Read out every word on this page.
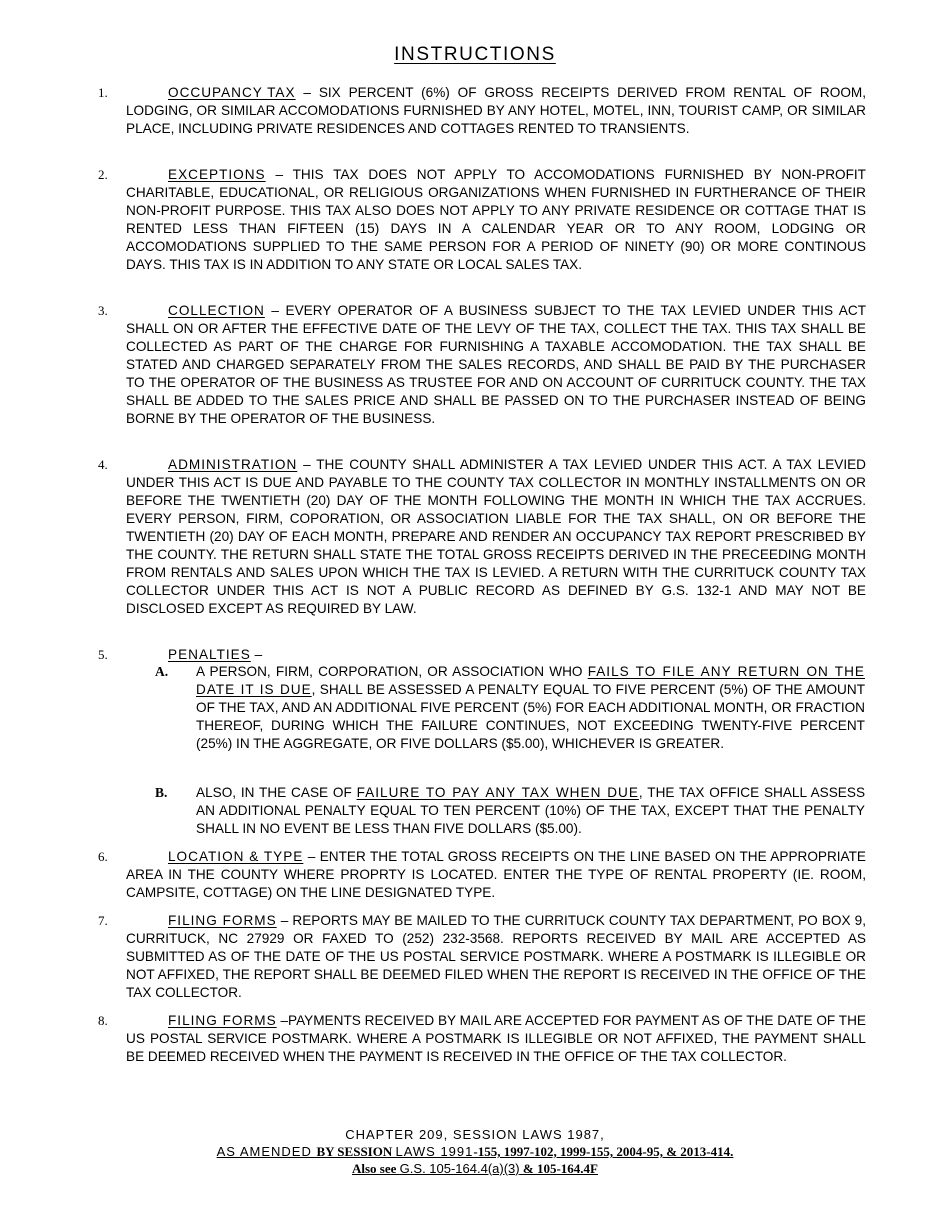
INSTRUCTIONS
1.	OCCUPANCY TAX – SIX PERCENT (6%) OF GROSS RECEIPTS DERIVED FROM RENTAL OF ROOM, LODGING, OR SIMILAR ACCOMODATIONS FURNISHED BY ANY HOTEL, MOTEL, INN, TOURIST CAMP, OR SIMILAR PLACE, INCLUDING PRIVATE RESIDENCES AND COTTAGES RENTED TO TRANSIENTS.
2.	EXCEPTIONS – THIS TAX DOES NOT APPLY TO ACCOMODATIONS FURNISHED BY NON-PROFIT CHARITABLE, EDUCATIONAL, OR RELIGIOUS ORGANIZATIONS WHEN FURNISHED IN FURTHERANCE OF THEIR NON-PROFIT PURPOSE. THIS TAX ALSO DOES NOT APPLY TO ANY PRIVATE RESIDENCE OR COTTAGE THAT IS RENTED LESS THAN FIFTEEN (15) DAYS IN A CALENDAR YEAR OR TO ANY ROOM, LODGING OR ACCOMODATIONS SUPPLIED TO THE SAME PERSON FOR A PERIOD OF NINETY (90) OR MORE CONTINOUS DAYS. THIS TAX IS IN ADDITION TO ANY STATE OR LOCAL SALES TAX.
3.	COLLECTION – EVERY OPERATOR OF A BUSINESS SUBJECT TO THE TAX LEVIED UNDER THIS ACT SHALL ON OR AFTER THE EFFECTIVE DATE OF THE LEVY OF THE TAX, COLLECT THE TAX. THIS TAX SHALL BE COLLECTED AS PART OF THE CHARGE FOR FURNISHING A TAXABLE ACCOMODATION. THE TAX SHALL BE STATED AND CHARGED SEPARATELY FROM THE SALES RECORDS, AND SHALL BE PAID BY THE PURCHASER TO THE OPERATOR OF THE BUSINESS AS TRUSTEE FOR AND ON ACCOUNT OF CURRITUCK COUNTY. THE TAX SHALL BE ADDED TO THE SALES PRICE AND SHALL BE PASSED ON TO THE PURCHASER INSTEAD OF BEING BORNE BY THE OPERATOR OF THE BUSINESS.
4.	ADMINISTRATION – THE COUNTY SHALL ADMINISTER A TAX LEVIED UNDER THIS ACT. A TAX LEVIED UNDER THIS ACT IS DUE AND PAYABLE TO THE COUNTY TAX COLLECTOR IN MONTHLY INSTALLMENTS ON OR BEFORE THE TWENTIETH (20) DAY OF THE MONTH FOLLOWING THE MONTH IN WHICH THE TAX ACCRUES. EVERY PERSON, FIRM, COPORATION, OR ASSOCIATION LIABLE FOR THE TAX SHALL, ON OR BEFORE THE TWENTIETH (20) DAY OF EACH MONTH, PREPARE AND RENDER AN OCCUPANCY TAX REPORT PRESCRIBED BY THE COUNTY. THE RETURN SHALL STATE THE TOTAL GROSS RECEIPTS DERIVED IN THE PRECEEDING MONTH FROM RENTALS AND SALES UPON WHICH THE TAX IS LEVIED. A RETURN WITH THE CURRITUCK COUNTY TAX COLLECTOR UNDER THIS ACT IS NOT A PUBLIC RECORD AS DEFINED BY G.S. 132-1 AND MAY NOT BE DISCLOSED EXCEPT AS REQUIRED BY LAW.
5.	PENALTIES –
A. A PERSON, FIRM, CORPORATION, OR ASSOCIATION WHO FAILS TO FILE ANY RETURN ON THE DATE IT IS DUE, SHALL BE ASSESSED A PENALTY EQUAL TO FIVE PERCENT (5%) OF THE AMOUNT OF THE TAX, AND AN ADDITIONAL FIVE PERCENT (5%) FOR EACH ADDITIONAL MONTH, OR FRACTION THEREOF, DURING WHICH THE FAILURE CONTINUES, NOT EXCEEDING TWENTY-FIVE PERCENT (25%) IN THE AGGREGATE, OR FIVE DOLLARS ($5.00), WHICHEVER IS GREATER.
B. ALSO, IN THE CASE OF FAILURE TO PAY ANY TAX WHEN DUE, THE TAX OFFICE SHALL ASSESS AN ADDITIONAL PENALTY EQUAL TO TEN PERCENT (10%) OF THE TAX, EXCEPT THAT THE PENALTY SHALL IN NO EVENT BE LESS THAN FIVE DOLLARS ($5.00).
6.	LOCATION & TYPE – ENTER THE TOTAL GROSS RECEIPTS ON THE LINE BASED ON THE APPROPRIATE AREA IN THE COUNTY WHERE PROPRTY IS LOCATED. ENTER THE TYPE OF RENTAL PROPERTY (IE. ROOM, CAMPSITE, COTTAGE) ON THE LINE DESIGNATED TYPE.
7.	FILING FORMS – REPORTS MAY BE MAILED TO THE CURRITUCK COUNTY TAX DEPARTMENT, PO BOX 9, CURRITUCK, NC 27929 OR FAXED TO (252) 232-3568. REPORTS RECEIVED BY MAIL ARE ACCEPTED AS SUBMITTED AS OF THE DATE OF THE US POSTAL SERVICE POSTMARK. WHERE A POSTMARK IS ILLEGIBLE OR NOT AFFIXED, THE REPORT SHALL BE DEEMED FILED WHEN THE REPORT IS RECEIVED IN THE OFFICE OF THE TAX COLLECTOR.
8.	FILING FORMS –PAYMENTS RECEIVED BY MAIL ARE ACCEPTED FOR PAYMENT AS OF THE DATE OF THE US POSTAL SERVICE POSTMARK. WHERE A POSTMARK IS ILLEGIBLE OR NOT AFFIXED, THE PAYMENT SHALL BE DEEMED RECEIVED WHEN THE PAYMENT IS RECEIVED IN THE OFFICE OF THE TAX COLLECTOR.
CHAPTER 209, SESSION LAWS 1987,
AS AMENDED BY SESSION LAWS 1991-155, 1997-102, 1999-155, 2004-95, & 2013-414.
Also see G.S. 105-164.4(a)(3) & 105-164.4F
